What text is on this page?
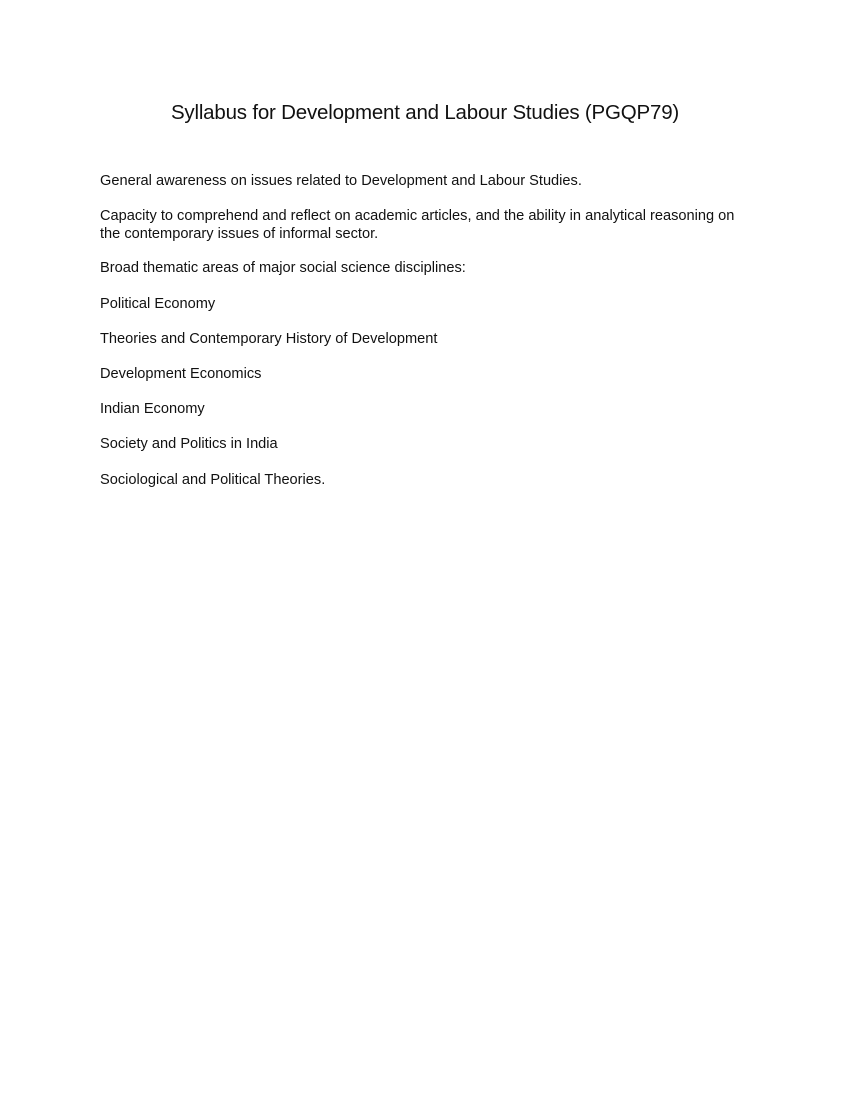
Syllabus for Development and Labour Studies (PGQP79)

General awareness on issues related to Development and Labour Studies.

Capacity to comprehend and reflect on academic articles, and the ability in analytical reasoning on the contemporary issues of informal sector.

Broad thematic areas of major social science disciplines:

Political Economy

Theories and Contemporary History of Development

Development Economics

Indian Economy

Society and Politics in India

Sociological and Political Theories.
